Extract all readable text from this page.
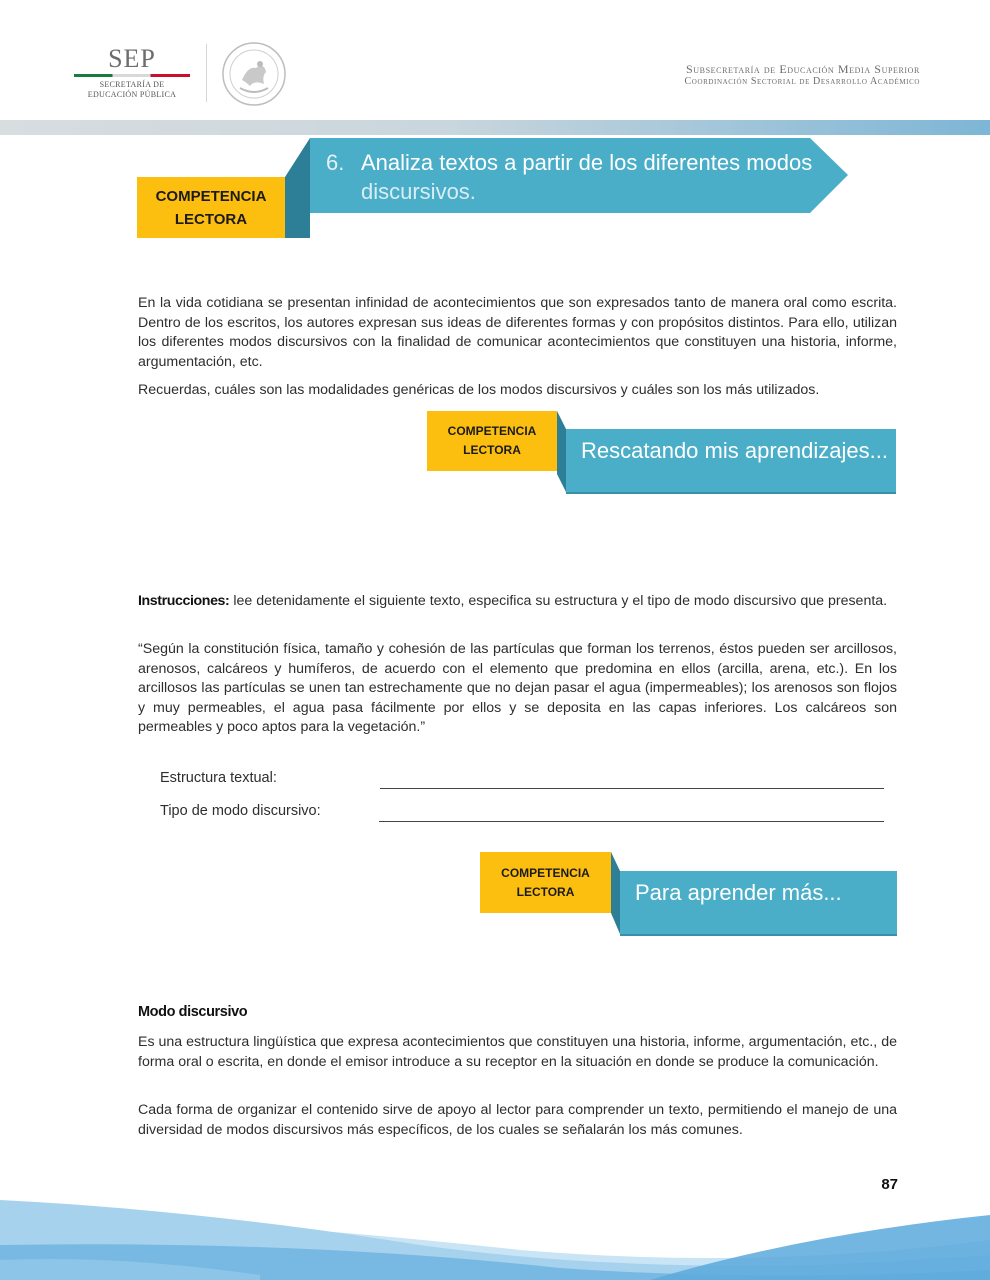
SEP
SECRETARÍA DE
EDUCACIÓN PÚBLICA
Subsecretaría de Educación Media Superior
Coordinación Sectorial de Desarrollo Académico
COMPETENCIA
LECTORA
6. Analiza textos a partir de los diferentes modos
discursivos.

En la vida cotidiana se presentan infinidad de acontecimientos que son expresados tanto de manera oral como escrita. Dentro de los escritos, los autores expresan sus ideas de diferentes formas y con propósitos distintos. Para ello, utilizan los diferentes modos discursivos con la finalidad de comunicar acontecimientos que constituyen una historia, informe, argumentación, etc.

Recuerdas, cuáles son las modalidades genéricas de los modos discursivos y cuáles son los más utilizados.

COMPETENCIA
LECTORA	Rescatando mis aprendizajes...

Instrucciones: lee detenidamente el siguiente texto, especifica su estructura y el tipo de modo discursivo que presenta.

“Según la constitución física, tamaño y cohesión de las partículas que forman los terrenos, éstos pueden ser arcillosos, arenosos, calcáreos y humíferos, de acuerdo con el elemento que predomina en ellos (arcilla, arena, etc.). En los arcillosos las partículas se unen tan estrechamente que no dejan pasar el agua (impermeables); los arenosos son flojos y muy permeables, el agua pasa fácilmente por ellos y se deposita en las capas inferiores. Los calcáreos son permeables y poco aptos para la vegetación.”

Estructura textual:
Tipo de modo discursivo:
COMPETENCIA
LECTORA	Para aprender más...
Modo discursivo

Es una estructura lingüística que expresa acontecimientos que constituyen una historia, informe, argumentación, etc., de forma oral o escrita, en donde el emisor introduce a su receptor en la situación en donde se produce la comunicación.

Cada forma de organizar el contenido sirve de apoyo al lector para comprender un texto, permitiendo el manejo de una diversidad de modos discursivos más específicos, de los cuales se señalarán los más comunes.

87
